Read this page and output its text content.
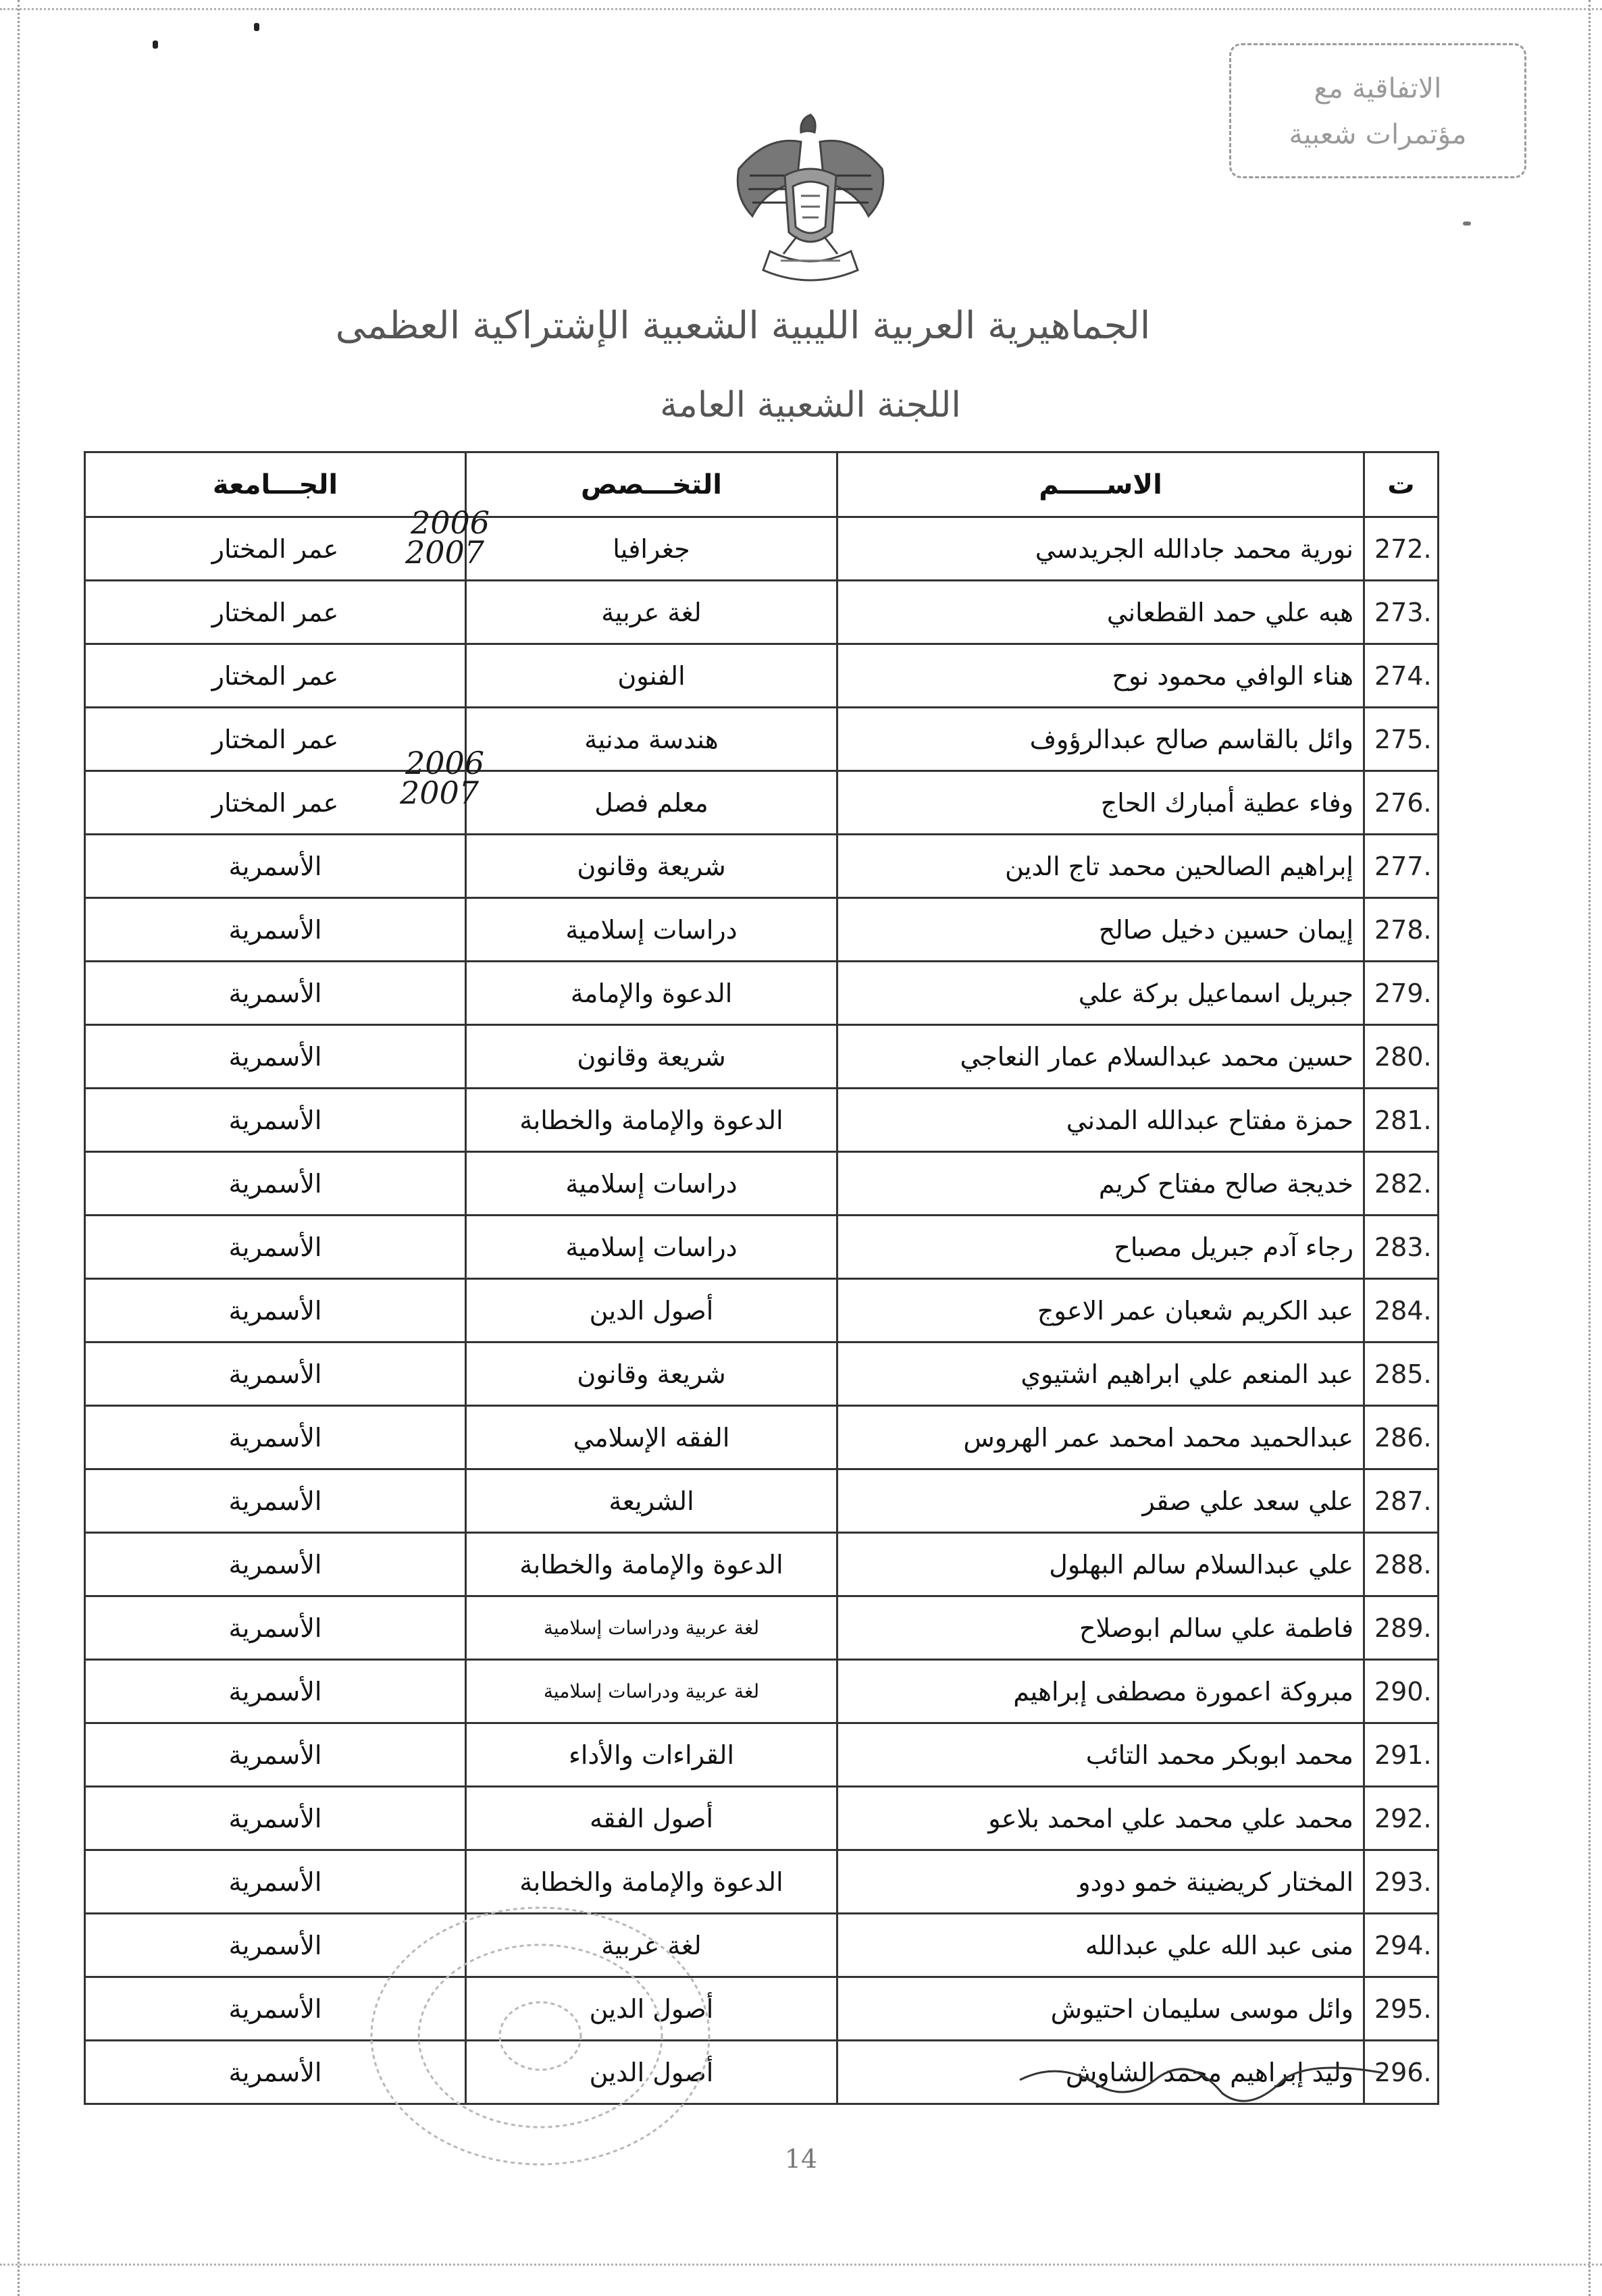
الاتفاقية مع
مؤتمرات شعبية
الجماهيرية العربية الليبية الشعبية الإشتراكية العظمى
اللجنة الشعبية العامة
ت	الاســـــم	التخـــصص	الجـــامعة
272.	نورية محمد جادالله الجريدسي	جغرافيا	عمر المختار
273.	هبه علي حمد القطعاني	لغة عربية	عمر المختار
274.	هناء الوافي محمود نوح	الفنون	عمر المختار
275.	وائل بالقاسم صالح عبدالرؤوف	هندسة مدنية	عمر المختار
276.	وفاء عطية أمبارك الحاج	معلم فصل	عمر المختار
277.	إبراهيم الصالحين محمد تاج الدين	شريعة وقانون	الأسمرية
278.	إيمان حسين دخيل صالح	دراسات إسلامية	الأسمرية
279.	جبريل اسماعيل بركة علي	الدعوة والإمامة	الأسمرية
280.	حسين محمد عبدالسلام عمار النعاجي	شريعة وقانون	الأسمرية
281.	حمزة مفتاح عبدالله المدني	الدعوة والإمامة والخطابة	الأسمرية
282.	خديجة صالح مفتاح كريم	دراسات إسلامية	الأسمرية
283.	رجاء آدم جبريل مصباح	دراسات إسلامية	الأسمرية
284.	عبد الكريم شعبان عمر الاعوج	أصول الدين	الأسمرية
285.	عبد المنعم علي ابراهيم اشتيوي	شريعة وقانون	الأسمرية
286.	عبدالحميد محمد امحمد عمر الهروس	الفقه الإسلامي	الأسمرية
287.	علي سعد علي صقر	الشريعة	الأسمرية
288.	علي عبدالسلام سالم البهلول	الدعوة والإمامة والخطابة	الأسمرية
289.	فاطمة علي سالم ابوصلاح	لغة عربية ودراسات إسلامية	الأسمرية
290.	مبروكة اعمورة مصطفى إبراهيم	لغة عربية ودراسات إسلامية	الأسمرية
291.	محمد ابوبكر محمد التائب	القراءات والأداء	الأسمرية
292.	محمد علي محمد علي امحمد بلاعو	أصول الفقه	الأسمرية
293.	المختار كريضينة خمو دودو	الدعوة والإمامة والخطابة	الأسمرية
294.	منى عبد الله علي عبدالله	لغة عربية	الأسمرية
295.	وائل موسى سليمان احتيوش	أصول الدين	الأسمرية
296.	وليد إبراهيم محمد الشاوش	أصول الدين	الأسمرية
2006
2007
2006
2007
14
